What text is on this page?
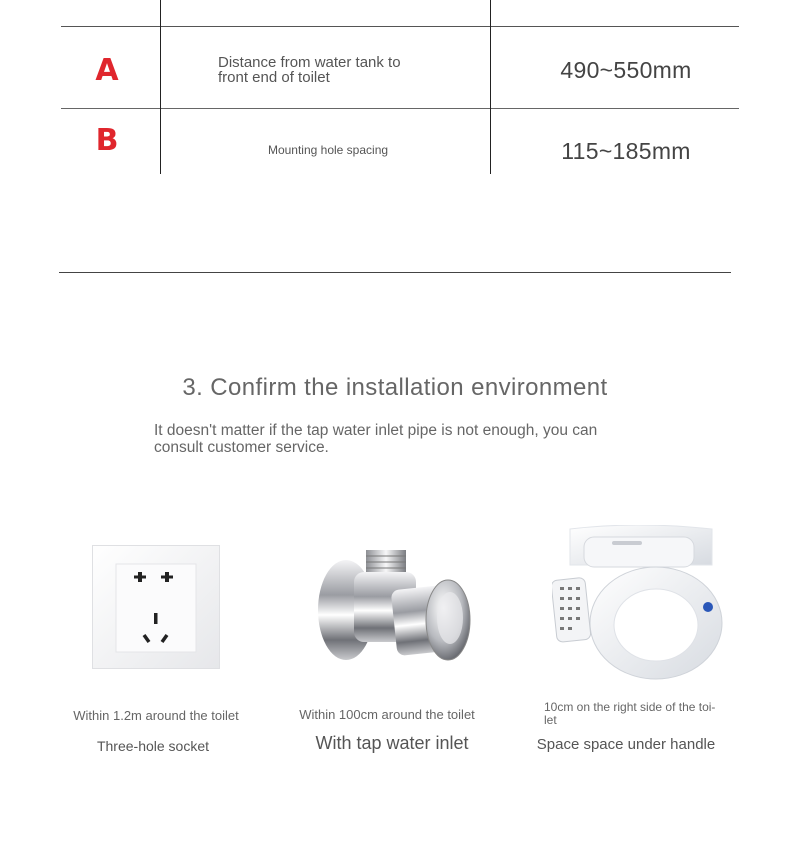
A	Distance from water tank to front end of toilet	490~550mm
B	Mounting hole spacing	115~185mm
3. Confirm the installation environment
It doesn't matter if the tap water inlet pipe is not enough, you can consult customer service.
Within 1.2m around the toilet
Three-hole socket
Within 100cm around the toilet
With tap water inlet
10cm on the right side of the toi-let
Space space under handle
